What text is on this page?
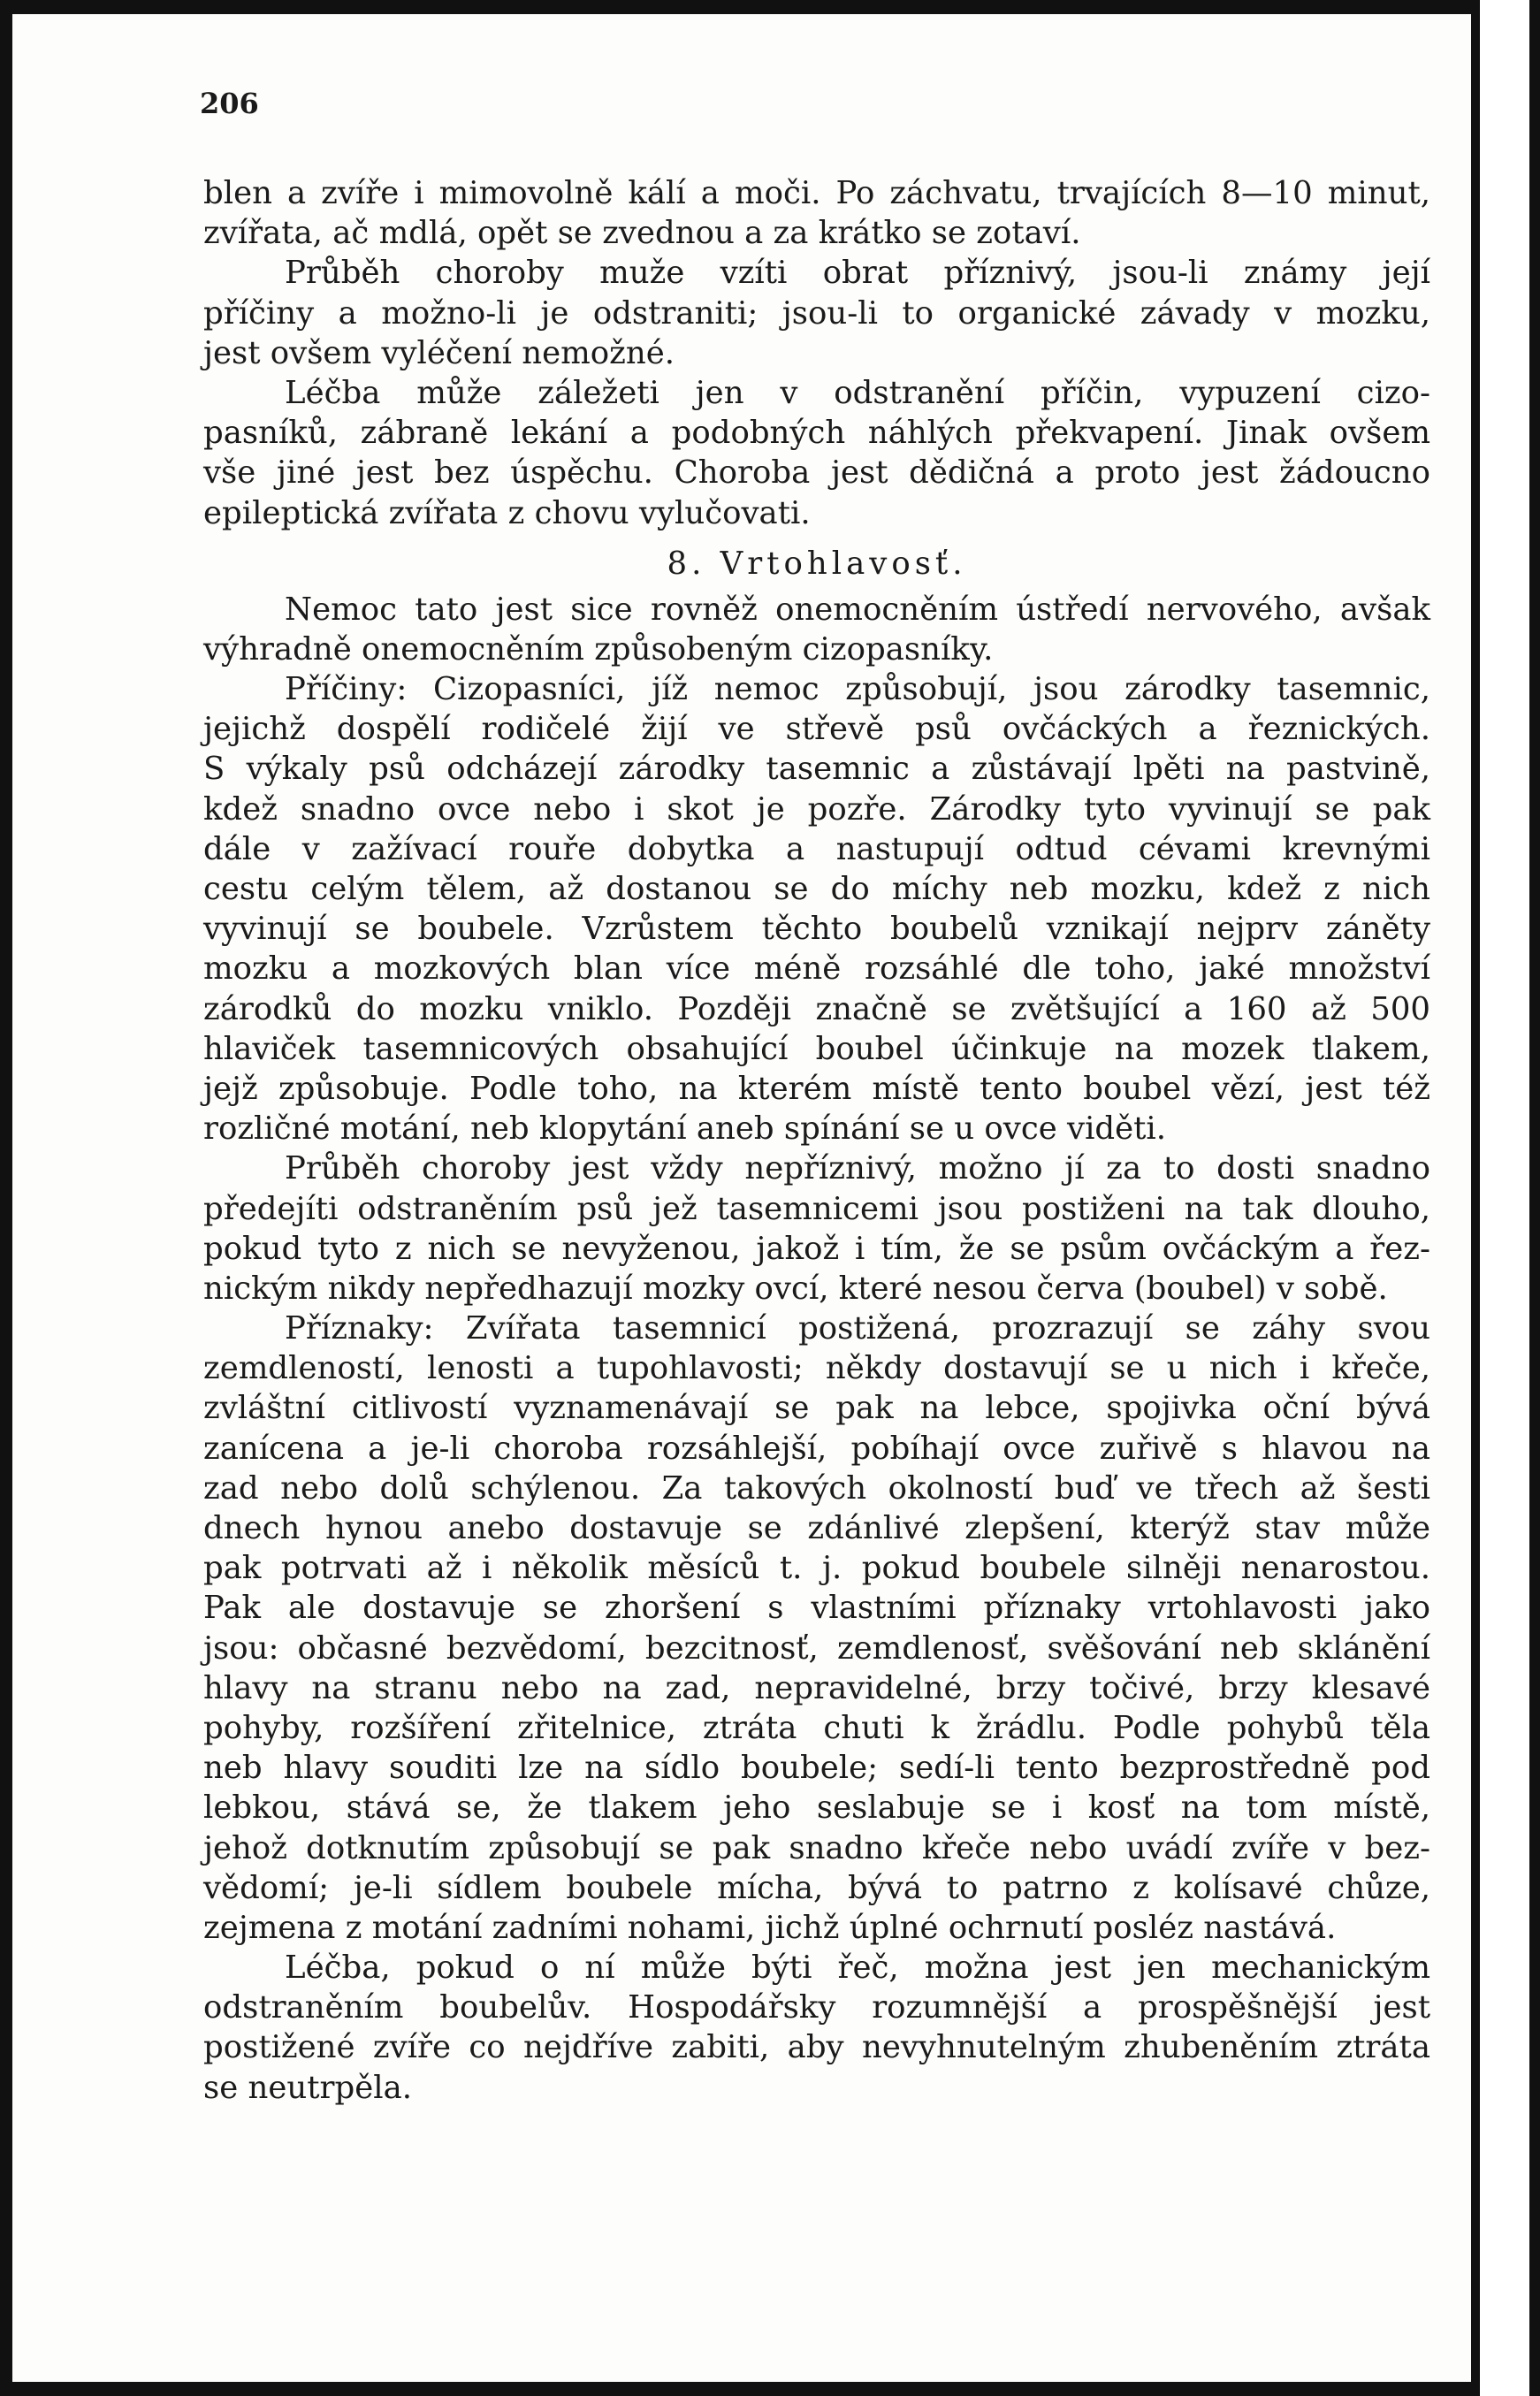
206
blen a zvíře i mimovolně kálí a moči. Po záchvatu, trvajících 8—10 minut,
zvířata, ač mdlá, opět se zvednou a za krátko se zotaví.
Průběh choroby muže vzíti obrat příznivý, jsou-li známy její
příčiny a možno-li je odstraniti; jsou-li to organické závady v mozku,
jest ovšem vyléčení nemožné.
Léčba může záležeti jen v odstranění příčin, vypuzení cizo-
pasníků, zábraně lekání a podobných náhlých překvapení. Jinak ovšem
vše jiné jest bez úspěchu. Choroba jest dědičná a proto jest žádoucno
epileptická zvířata z chovu vylučovati.
8. Vrtohlavosť.
Nemoc tato jest sice rovněž onemocněním ústředí nervového, avšak
výhradně onemocněním způsobeným cizopasníky.
Příčiny: Cizopasníci, jíž nemoc způsobují, jsou zárodky tasemnic,
jejichž dospělí rodičelé žijí ve střevě psů ovčáckých a řeznických.
S výkaly psů odcházejí zárodky tasemnic a zůstávají lpěti na pastvině,
kdež snadno ovce nebo i skot je pozře. Zárodky tyto vyvinují se pak
dále v zažívací rouře dobytka a nastupují odtud cévami krevnými
cestu celým tělem, až dostanou se do míchy neb mozku, kdež z nich
vyvinují se boubele. Vzrůstem těchto boubelů vznikají nejprv záněty
mozku a mozkových blan více méně rozsáhlé dle toho, jaké množství
zárodků do mozku vniklo. Později značně se zvětšující a 160 až 500
hlaviček tasemnicových obsahující boubel účinkuje na mozek tlakem,
jejž způsobuje. Podle toho, na kterém místě tento boubel vězí, jest též
rozličné motání, neb klopytání aneb spínání se u ovce viděti.
Průběh choroby jest vždy nepříznivý, možno jí za to dosti snadno
předejíti odstraněním psů jež tasemnicemi jsou postiženi na tak dlouho,
pokud tyto z nich se nevyženou, jakož i tím, že se psům ovčáckým a řez-
nickým nikdy nepředhazují mozky ovcí, které nesou červa (boubel) v sobě.
Příznaky: Zvířata tasemnicí postižená, prozrazují se záhy svou
zemdleností, lenosti a tupohlavosti; někdy dostavují se u nich i křeče,
zvláštní citlivostí vyznamenávají se pak na lebce, spojivka oční bývá
zanícena a je-li choroba rozsáhlejší, pobíhají ovce zuřivě s hlavou na
zad nebo dolů schýlenou. Za takových okolností buď ve třech až šesti
dnech hynou anebo dostavuje se zdánlivé zlepšení, kterýž stav může
pak potrvati až i několik měsíců t. j. pokud boubele silněji nenarostou.
Pak ale dostavuje se zhoršení s vlastními příznaky vrtohlavosti jako
jsou: občasné bezvědomí, bezcitnosť, zemdlenosť, svěšování neb sklánění
hlavy na stranu nebo na zad, nepravidelné, brzy točivé, brzy klesavé
pohyby, rozšíření zřitelnice, ztráta chuti k žrádlu. Podle pohybů těla
neb hlavy souditi lze na sídlo boubele; sedí-li tento bezprostředně pod
lebkou, stává se, že tlakem jeho seslabuje se i kosť na tom místě,
jehož dotknutím způsobují se pak snadno křeče nebo uvádí zvíře v bez-
vědomí; je-li sídlem boubele mícha, bývá to patrno z kolísavé chůze,
zejmena z motání zadními nohami, jichž úplné ochrnutí posléz nastává.
Léčba, pokud o ní může býti řeč, možna jest jen mechanickým
odstraněním boubelův. Hospodářsky rozumnější a prospěšnější jest
postižené zvíře co nejdříve zabiti, aby nevyhnutelným zhubeněním ztráta
se neutrpěla.
